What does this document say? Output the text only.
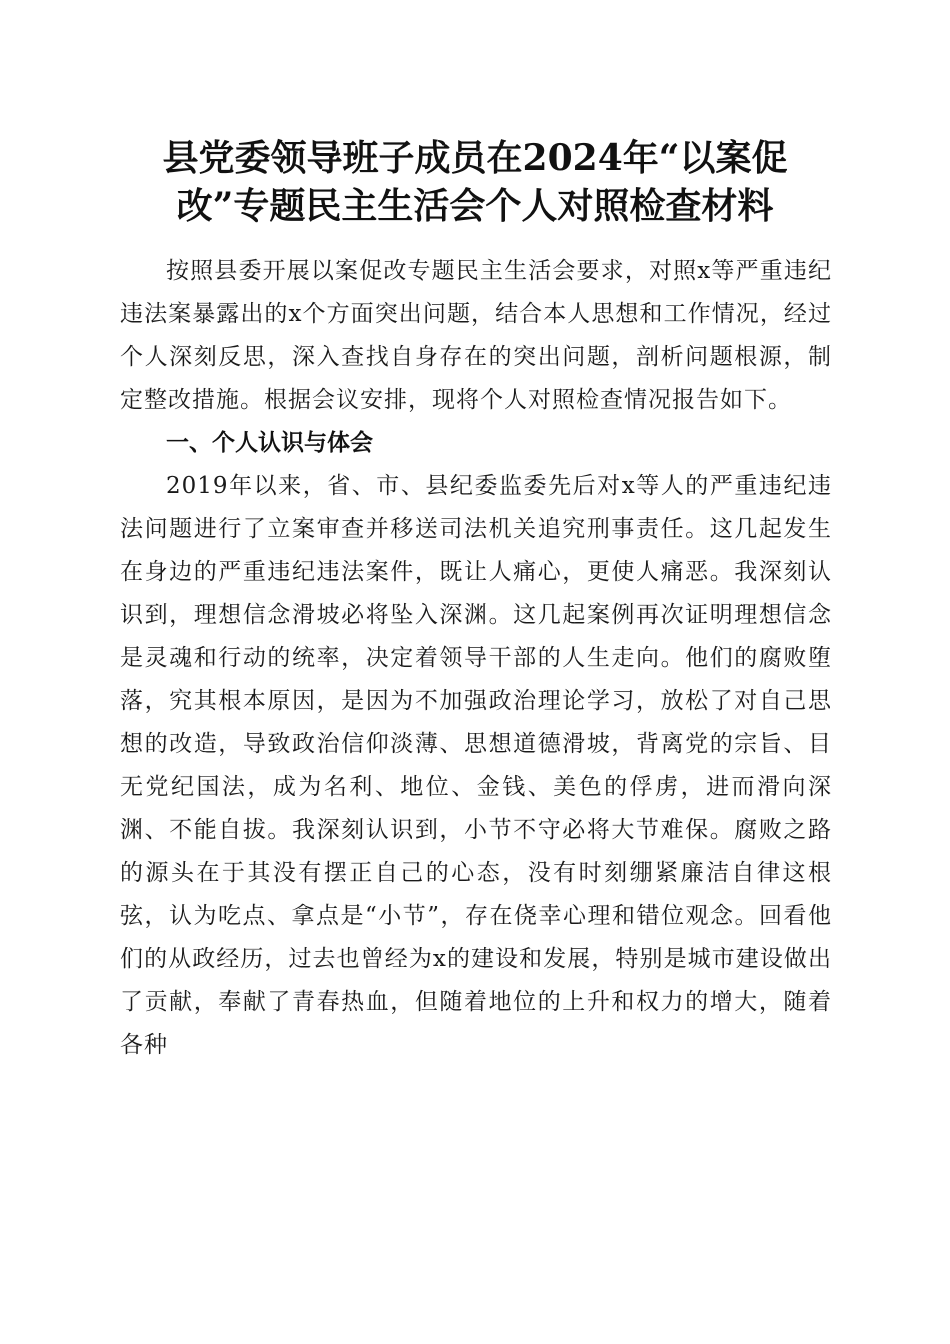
县党委领导班子成员在2024年“以案促
改”专题民主生活会个人对照检查材料

按照县委开展以案促改专题民主生活会要求，对照x等严重违纪违法案暴露出的x个方面突出问题，结合本人思想和工作情况，经过个人深刻反思，深入查找自身存在的突出问题，剖析问题根源，制定整改措施。根据会议安排，现将个人对照检查情况报告如下。

一、个人认识与体会

2019年以来，省、市、县纪委监委先后对x等人的严重违纪违法问题进行了立案审查并移送司法机关追究刑事责任。这几起发生在身边的严重违纪违法案件，既让人痛心，更使人痛恶。我深刻认识到，理想信念滑坡必将坠入深渊。这几起案例再次证明理想信念是灵魂和行动的统率，决定着领导干部的人生走向。他们的腐败堕落，究其根本原因，是因为不加强政治理论学习，放松了对自己思想的改造，导致政治信仰淡薄、思想道德滑坡，背离党的宗旨、目无党纪国法，成为名利、地位、金钱、美色的俘虏，进而滑向深渊、不能自拔。我深刻认识到，小节不守必将大节难保。腐败之路的源头在于其没有摆正自己的心态，没有时刻绷紧廉洁自律这根弦，认为吃点、拿点是“小节”，存在侥幸心理和错位观念。回看他们的从政经历，过去也曾经为x的建设和发展，特别是城市建设做出了贡献，奉献了青春热血，但随着地位的上升和权力的增大，随着各种
